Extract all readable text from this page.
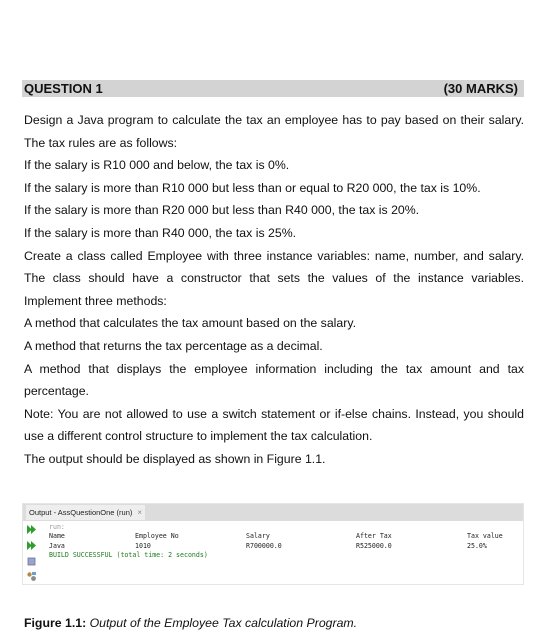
QUESTION 1	(30 MARKS)

Design a Java program to calculate the tax an employee has to pay based on their salary. The tax rules are as follows:

If the salary is R10 000 and below, the tax is 0%.

If the salary is more than R10 000 but less than or equal to R20 000, the tax is 10%.

If the salary is more than R20 000 but less than R40 000, the tax is 20%.

If the salary is more than R40 000, the tax is 25%.

Create a class called Employee with three instance variables: name, number, and salary. The class should have a constructor that sets the values of the instance variables. Implement three methods:

A method that calculates the tax amount based on the salary.

A method that returns the tax percentage as a decimal.

A method that displays the employee information including the tax amount and tax percentage.

Note: You are not allowed to use a switch statement or if-else chains. Instead, you should use a different control structure to implement the tax calculation.

The output should be displayed as shown in Figure 1.1.

Output - AssQuestionOne (run) ×
run:
Name	Employee No	Salary	After Tax	Tax value
Java	1010	R700000.0	R525000.0	25.0%
BUILD SUCCESSFUL (total time: 2 seconds)
Figure 1.1: Output of the Employee Tax calculation Program.
